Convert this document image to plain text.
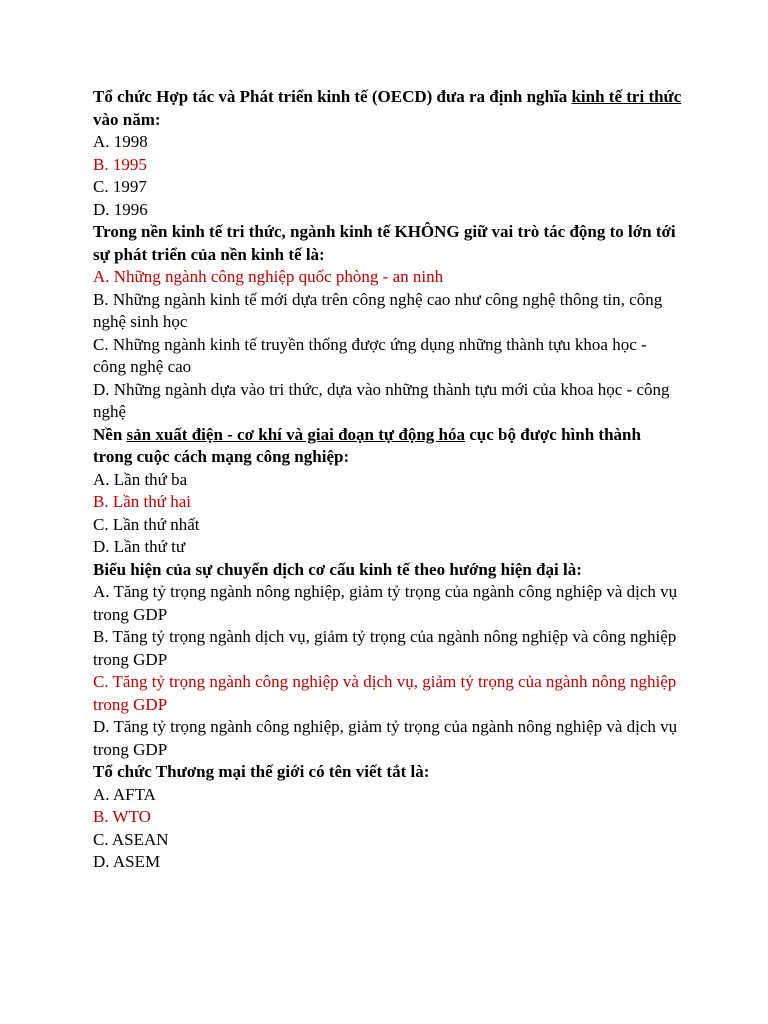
Tổ chức Hợp tác và Phát triển kinh tế (OECD) đưa ra định nghĩa kinh tế tri thức vào năm:

A. 1998

B. 1995

C. 1997

D. 1996

Trong nền kinh tế tri thức, ngành kinh tế KHÔNG giữ vai trò tác động to lớn tới sự phát triển của nền kinh tế là:

A. Những ngành công nghiệp quốc phòng - an ninh

B. Những ngành kinh tế mới dựa trên công nghệ cao như công nghệ thông tin, công nghệ sinh học

C. Những ngành kinh tế truyền thống được ứng dụng những thành tựu khoa học - công nghệ cao

D. Những ngành dựa vào tri thức, dựa vào những thành tựu mới của khoa học - công nghệ

Nền sản xuất điện - cơ khí và giai đoạn tự động hóa cục bộ được hình thành trong cuộc cách mạng công nghiệp:

A. Lần thứ ba

B. Lần thứ hai

C. Lần thứ nhất

D. Lần thứ tư

Biểu hiện của sự chuyển dịch cơ cấu kinh tế theo hướng hiện đại là:

A. Tăng tỷ trọng ngành nông nghiệp, giảm tỷ trọng của ngành công nghiệp và dịch vụ trong GDP

B. Tăng tỷ trọng ngành dịch vụ, giảm tỷ trọng của ngành nông nghiệp và công nghiệp trong GDP

C. Tăng tỷ trọng ngành công nghiệp và dịch vụ, giảm tỷ trọng của ngành nông nghiệp trong GDP

D. Tăng tỷ trọng ngành công nghiệp, giảm tỷ trọng của ngành nông nghiệp và dịch vụ trong GDP

Tổ chức Thương mại thế giới có tên viết tắt là:

A. AFTA

B. WTO

C. ASEAN

D. ASEM
